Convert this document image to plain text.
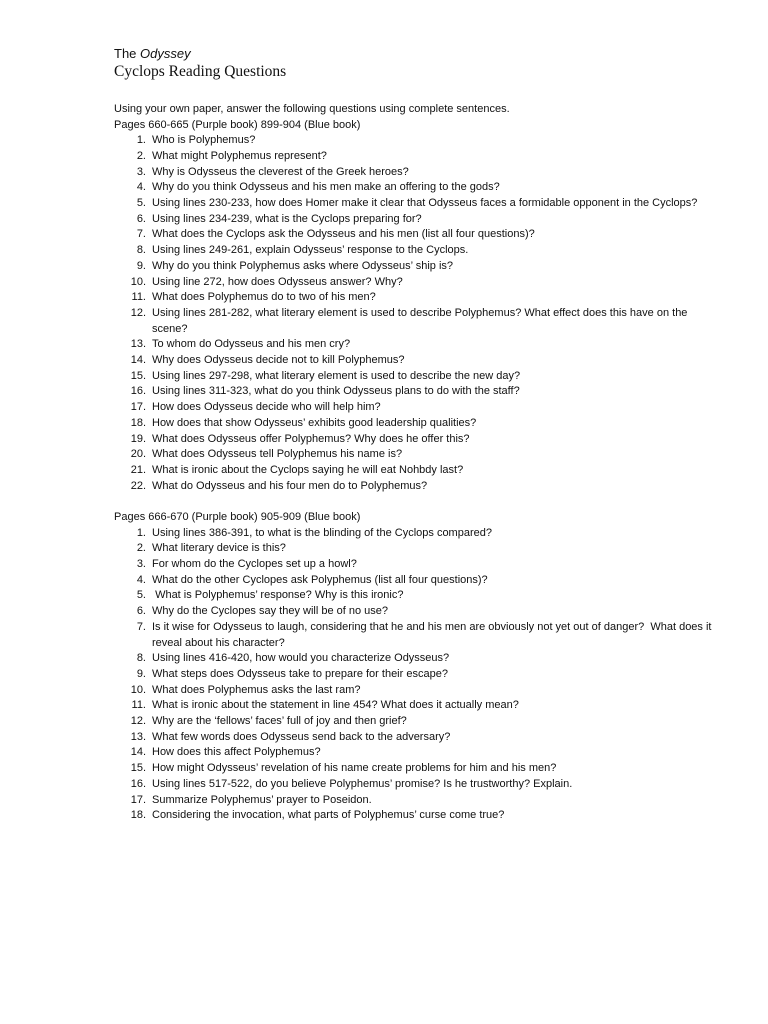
The Odyssey

Cyclops Reading Questions

Using your own paper, answer the following questions using complete sentences.

Pages 660-665 (Purple book) 899-904 (Blue book)

1. Who is Polyphemus?
2. What might Polyphemus represent?
3. Why is Odysseus the cleverest of the Greek heroes?
4. Why do you think Odysseus and his men make an offering to the gods?
5. Using lines 230-233, how does Homer make it clear that Odysseus faces a formidable opponent in the Cyclops?
6. Using lines 234-239, what is the Cyclops preparing for?
7. What does the Cyclops ask the Odysseus and his men (list all four questions)?
8. Using lines 249-261, explain Odysseus’ response to the Cyclops.
9. Why do you think Polyphemus asks where Odysseus’ ship is?
10. Using line 272, how does Odysseus answer? Why?
11. What does Polyphemus do to two of his men?
12. Using lines 281-282, what literary element is used to describe Polyphemus? What effect does this have on the scene?
13. To whom do Odysseus and his men cry?
14. Why does Odysseus decide not to kill Polyphemus?
15. Using lines 297-298, what literary element is used to describe the new day?
16. Using lines 311-323, what do you think Odysseus plans to do with the staff?
17. How does Odysseus decide who will help him?
18. How does that show Odysseus’ exhibits good leadership qualities?
19. What does Odysseus offer Polyphemus? Why does he offer this?
20. What does Odysseus tell Polyphemus his name is?
21. What is ironic about the Cyclops saying he will eat Nohbdy last?
22. What do Odysseus and his four men do to Polyphemus?

Pages 666-670 (Purple book) 905-909 (Blue book)

1. Using lines 386-391, to what is the blinding of the Cyclops compared?
2. What literary device is this?
3. For whom do the Cyclopes set up a howl?
4. What do the other Cyclopes ask Polyphemus (list all four questions)?
5. What is Polyphemus’ response? Why is this ironic?
6. Why do the Cyclopes say they will be of no use?
7. Is it wise for Odysseus to laugh, considering that he and his men are obviously not yet out of danger?  What does it reveal about his character?
8. Using lines 416-420, how would you characterize Odysseus?
9. What steps does Odysseus take to prepare for their escape?
10. What does Polyphemus asks the last ram?
11. What is ironic about the statement in line 454? What does it actually mean?
12. Why are the ‘fellows’ faces’ full of joy and then grief?
13. What few words does Odysseus send back to the adversary?
14. How does this affect Polyphemus?
15. How might Odysseus’ revelation of his name create problems for him and his men?
16. Using lines 517-522, do you believe Polyphemus’ promise? Is he trustworthy? Explain.
17. Summarize Polyphemus’ prayer to Poseidon.
18. Considering the invocation, what parts of Polyphemus’ curse come true?
